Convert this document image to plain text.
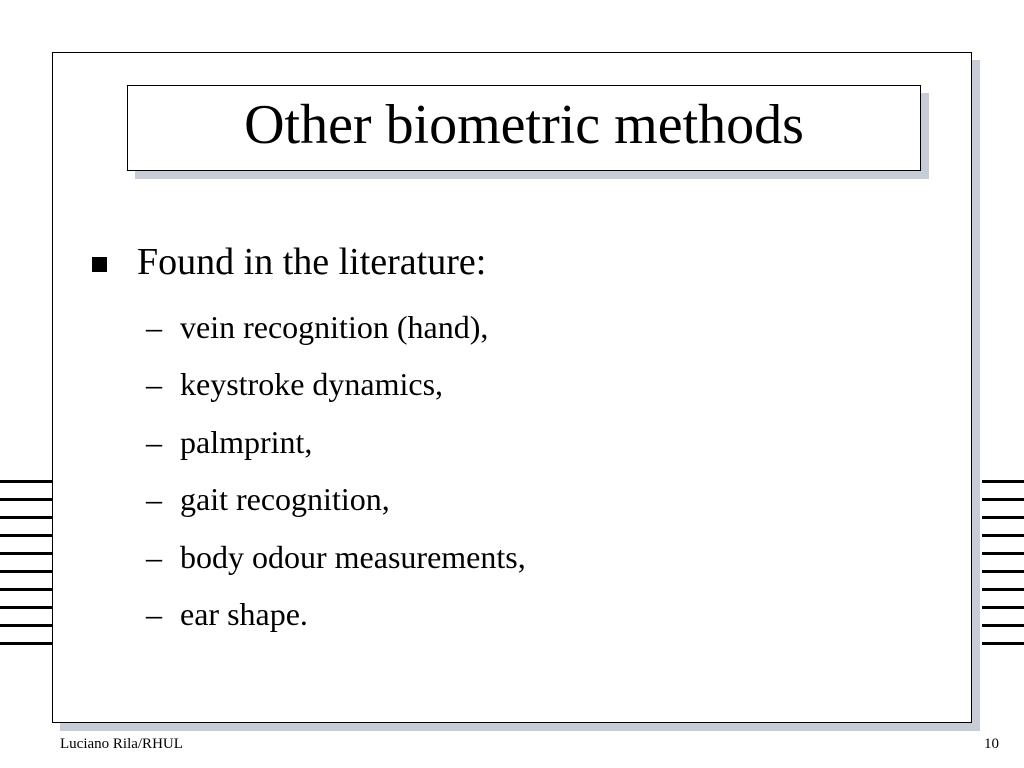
Other biometric methods
Found in the literature:
– vein recognition (hand),
– keystroke dynamics,
– palmprint,
– gait recognition,
– body odour measurements,
– ear shape.
Luciano Rila/RHUL	10
